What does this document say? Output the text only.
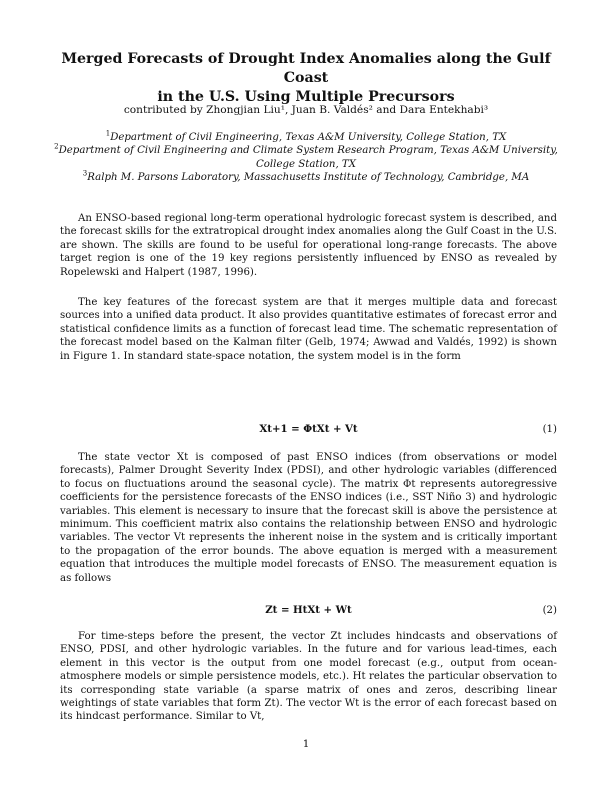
Merged Forecasts of Drought Index Anomalies along the Gulf Coast
in the U.S. Using Multiple Precursors
contributed by Zhongjian Liu¹, Juan B. Valdés² and Dara Entekhabi³
$^1$Department of Civil Engineering, Texas A&M University, College Station, TX
$^2$Department of Civil Engineering and Climate System Research Program, Texas A&M University, College Station, TX
$^3$Ralph M. Parsons Laboratory, Massachusetts Institute of Technology, Cambridge, MA

An ENSO-based regional long-term operational hydrologic forecast system is described, and the forecast skills for the extratropical drought index anomalies along the Gulf Coast in the U.S. are shown. The skills are found to be useful for operational long-range forecasts. The above target region is one of the 19 key regions persistently influenced by ENSO as revealed by Ropelewski and Halpert (1987, 1996).

The key features of the forecast system are that it merges multiple data and forecast sources into a unified data product. It also provides quantitative estimates of forecast error and statistical confidence limits as a function of forecast lead time. The schematic representation of the forecast model based on the Kalman filter (Gelb, 1974; Awwad and Valdés, 1992) is shown in Figure 1. In standard state-space notation, the system model is in the form

Xt+1 = ΦtXt + Vt	(1)

The state vector Xt is composed of past ENSO indices (from observations or model forecasts), Palmer Drought Severity Index (PDSI), and other hydrologic variables (differenced to focus on fluctuations around the seasonal cycle). The matrix Φt represents autoregressive coefficients for the persistence forecasts of the ENSO indices (i.e., SST Niño 3) and hydrologic variables. This element is necessary to insure that the forecast skill is above the persistence at minimum. This coefficient matrix also contains the relationship between ENSO and hydrologic variables. The vector Vt represents the inherent noise in the system and is critically important to the propagation of the error bounds. The above equation is merged with a measurement equation that introduces the multiple model forecasts of ENSO. The measurement equation is as follows

Zt = HtXt + Wt	(2)

For time-steps before the present, the vector Zt includes hindcasts and observations of ENSO, PDSI, and other hydrologic variables. In the future and for various lead-times, each element in this vector is the output from one model forecast (e.g., output from ocean-atmosphere models or simple persistence models, etc.). Ht relates the particular observation to its corresponding state variable (a sparse matrix of ones and zeros, describing linear weightings of state variables that form Zt). The vector Wt is the error of each forecast based on its hindcast performance. Similar to Vt,

1
